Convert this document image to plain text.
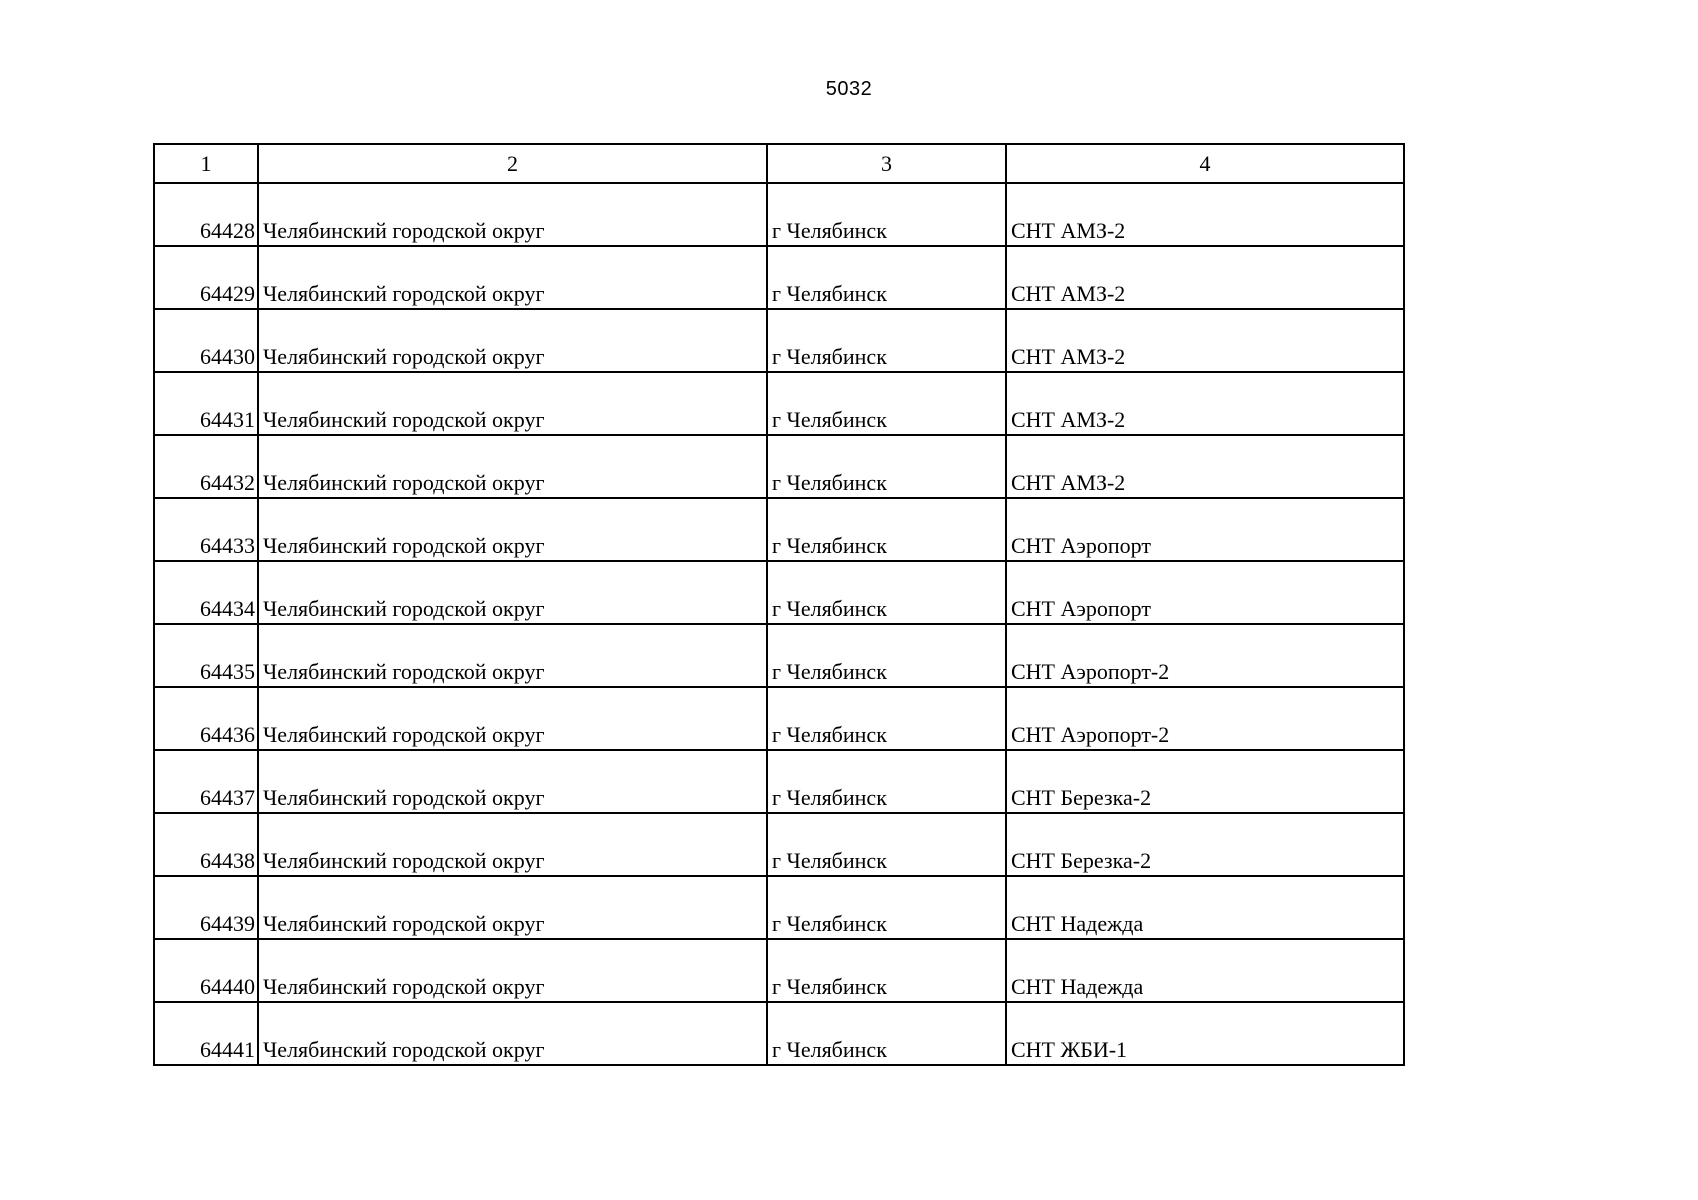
5032
1	2	3	4
64428	Челябинский городской округ	г Челябинск	СНТ АМЗ-2
64429	Челябинский городской округ	г Челябинск	СНТ АМЗ-2
64430	Челябинский городской округ	г Челябинск	СНТ АМЗ-2
64431	Челябинский городской округ	г Челябинск	СНТ АМЗ-2
64432	Челябинский городской округ	г Челябинск	СНТ АМЗ-2
64433	Челябинский городской округ	г Челябинск	СНТ Аэропорт
64434	Челябинский городской округ	г Челябинск	СНТ Аэропорт
64435	Челябинский городской округ	г Челябинск	СНТ Аэропорт-2
64436	Челябинский городской округ	г Челябинск	СНТ Аэропорт-2
64437	Челябинский городской округ	г Челябинск	СНТ Березка-2
64438	Челябинский городской округ	г Челябинск	СНТ Березка-2
64439	Челябинский городской округ	г Челябинск	СНТ Надежда
64440	Челябинский городской округ	г Челябинск	СНТ Надежда
64441	Челябинский городской округ	г Челябинск	СНТ ЖБИ-1
